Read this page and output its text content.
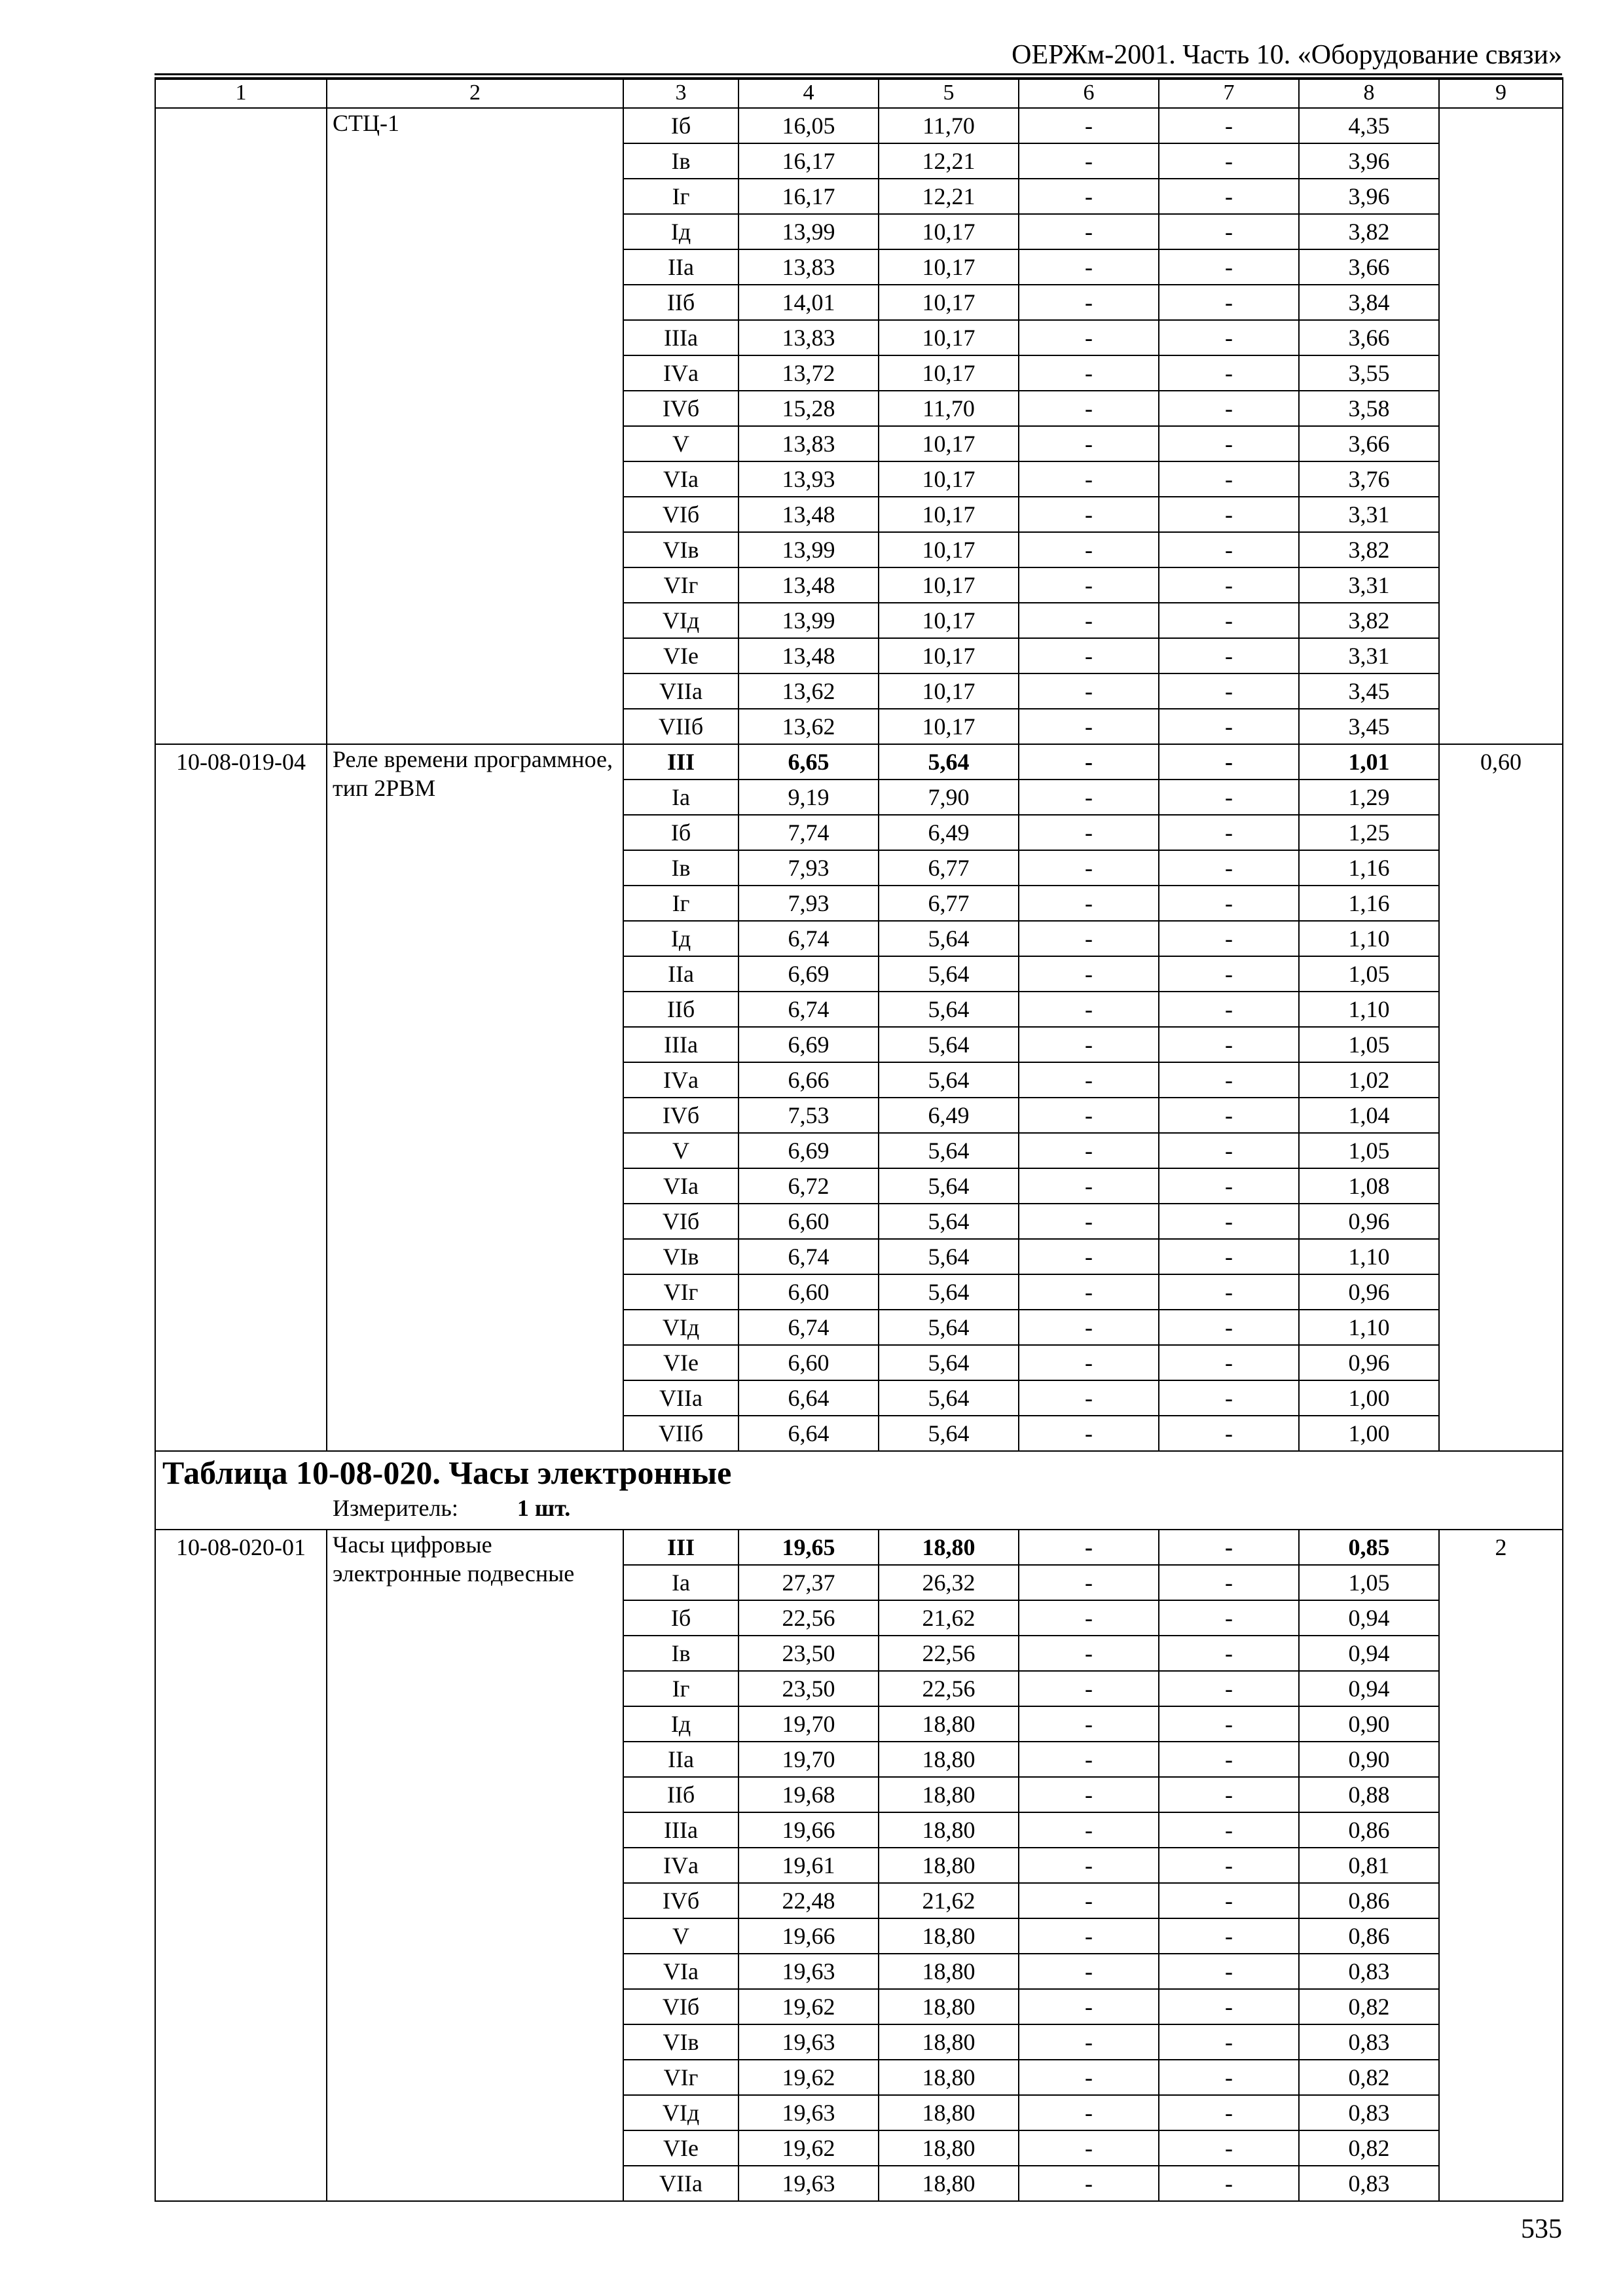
ОЕРЖм-2001. Часть 10. «Оборудование связи»
1	2	3	4	5	6	7	8	9
	СТЦ-1	Iб	16,05	11,70	-	-	4,35	
		Iв	16,17	12,21	-	-	3,96	
		Iг	16,17	12,21	-	-	3,96	
		Iд	13,99	10,17	-	-	3,82	
		IIа	13,83	10,17	-	-	3,66	
		IIб	14,01	10,17	-	-	3,84	
		IIIа	13,83	10,17	-	-	3,66	
		IVа	13,72	10,17	-	-	3,55	
		IVб	15,28	11,70	-	-	3,58	
		V	13,83	10,17	-	-	3,66	
		VIа	13,93	10,17	-	-	3,76	
		VIб	13,48	10,17	-	-	3,31	
		VIв	13,99	10,17	-	-	3,82	
		VIг	13,48	10,17	-	-	3,31	
		VIд	13,99	10,17	-	-	3,82	
		VIе	13,48	10,17	-	-	3,31	
		VIIа	13,62	10,17	-	-	3,45	
		VIIб	13,62	10,17	-	-	3,45	
10-08-019-04	Реле времени программное, тип 2РВМ	III	6,65	5,64	-	-	1,01	0,60
		Iа	9,19	7,90	-	-	1,29	
		Iб	7,74	6,49	-	-	1,25	
		Iв	7,93	6,77	-	-	1,16	
		Iг	7,93	6,77	-	-	1,16	
		Iд	6,74	5,64	-	-	1,10	
		IIа	6,69	5,64	-	-	1,05	
		IIб	6,74	5,64	-	-	1,10	
		IIIа	6,69	5,64	-	-	1,05	
		IVа	6,66	5,64	-	-	1,02	
		IVб	7,53	6,49	-	-	1,04	
		V	6,69	5,64	-	-	1,05	
		VIа	6,72	5,64	-	-	1,08	
		VIб	6,60	5,64	-	-	0,96	
		VIв	6,74	5,64	-	-	1,10	
		VIг	6,60	5,64	-	-	0,96	
		VIд	6,74	5,64	-	-	1,10	
		VIе	6,60	5,64	-	-	0,96	
		VIIа	6,64	5,64	-	-	1,00	
		VIIб	6,64	5,64	-	-	1,00	

Таблица 10-08-020. Часы электронные
Измеритель: 1 шт.								

10-08-020-01	Часы цифровые электронные подвесные	III	19,65	18,80	-	-	0,85	2
		Iа	27,37	26,32	-	-	1,05	
		Iб	22,56	21,62	-	-	0,94	
		Iв	23,50	22,56	-	-	0,94	
		Iг	23,50	22,56	-	-	0,94	
		Iд	19,70	18,80	-	-	0,90	
		IIа	19,70	18,80	-	-	0,90	
		IIб	19,68	18,80	-	-	0,88	
		IIIа	19,66	18,80	-	-	0,86	
		IVа	19,61	18,80	-	-	0,81	
		IVб	22,48	21,62	-	-	0,86	
		V	19,66	18,80	-	-	0,86	
		VIа	19,63	18,80	-	-	0,83	
		VIб	19,62	18,80	-	-	0,82	
		VIв	19,63	18,80	-	-	0,83	
		VIг	19,62	18,80	-	-	0,82	
		VIд	19,63	18,80	-	-	0,83	
		VIе	19,62	18,80	-	-	0,82	
		VIIа	19,63	18,80	-	-	0,83	
535
